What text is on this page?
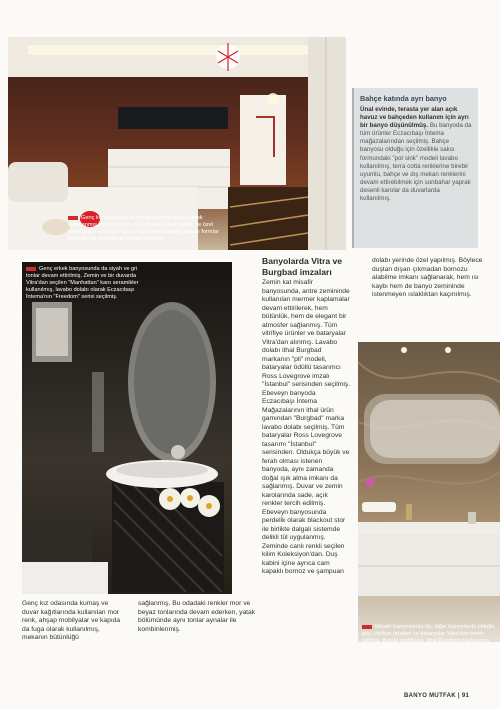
Genç kız odasında bir duvar komple dolap olarak tasarlanmış. Aynalı bölüm ve komodin, aksesuarlar ile özel eşyalar için tasarlanmış. Dolap kapaklarındaki dalgalı formlar komodin ve aynada da devam ettirilmiş.
Bahçe katında ayrı banyo

Ünal evinde, terasta yer alan açık havuz ve bahçeden kullanım için ayrı bir banyo düşünülmüş. Bu banyoda da tüm ürünler Eczacıbaşı İntema mağazalarından seçilmiş. Bahçe banyosu olduğu için özellikle saksı formundaki "pot sink" modeli lavabo kullanılmış, terra cotta renklerine birebir uyumlu, bahçe ve dış mekan renklerini devam ettirebilmek için sonbahar yaprak desenli karolar da duvarlarda kullanılmış.

Genç erkek banyosunda da siyah ve gri tonlar devam ettirilmiş. Zemin ve bir duvarda Vitra'dan seçilen "Manhattan" karo seramikler kullanılmış, lavabo dolabı olarak Eczacıbaşı İntema'nın "Freedom" serisi seçilmiş.
Banyolarda Vitra ve Burgbad imzaları

Zemin kat misafir banyosunda, antre zemininde kullanılan mermer kaplamalar devam ettirilerek, hem bütünlük, hem de elegant bir atmosfer sağlanmış. Tüm vitrifiye ürünler ve bataryalar Vitra'dan alınmış. Lavabo dolabı ithal Burgbad markanın "pli" modeli, bataryalar ödüllü tasarımcı Ross Lovegrove imzalı "İstanbul" serisinden seçilmiş. Ebeveyn banyoda Eczacıbaşı İntema Mağazalarının ithal ürün gamından "Burgbad" marka lavabo dolabı seçilmiş. Tüm bataryalar Ross Lovegrove tasarımı "İstanbul" serisinden. Oldukça büyük ve ferah olması istenen banyoda, aynı zamanda doğal ışık alma imkanı da sağlanmış. Duvar ve zemin karolarında sade, açık renkler tercih edilmiş. Ebeveyn banyosunda perdelik olarak blackout stor ile birlikte dalgalı sistemde delikli tül uygulanmış. Zeminde canlı renkli seçilen kilim Koleksiyon'dan. Duş kabini içine ayrıca cam kapaklı bornoz ve şampuan

dolabı yerinde özel yapılmış. Böylece duştan dışarı çıkmadan bornozu alabilme imkanı sağlanarak, hem ısı kaybı hem de banyo zemininde istenmeyen ıslaklıktan kaçınılmış.

Misafir banyosunda da, diğer banyolarda olduğu gibi, vitrifiye ürünleri ve bataryalar Vitra'dan temin edilmiş. Banyo mobilyası, ithal Burgbad markasının "pli" modeli...

Genç kız odasında kumaş ve duvar kağıtlarında kullanılan mor renk, ahşap mobilyalar ve kapıda da fuga olarak kullanılmış, mekanın bütünlüğü

sağlanmış. Bu odadaki renkler mor ve beyaz tonlarında devam ederken, yatak bölümünde aynı tonlar aynalar ile kombinlenmiş.

BANYO MUTFAK | 91
